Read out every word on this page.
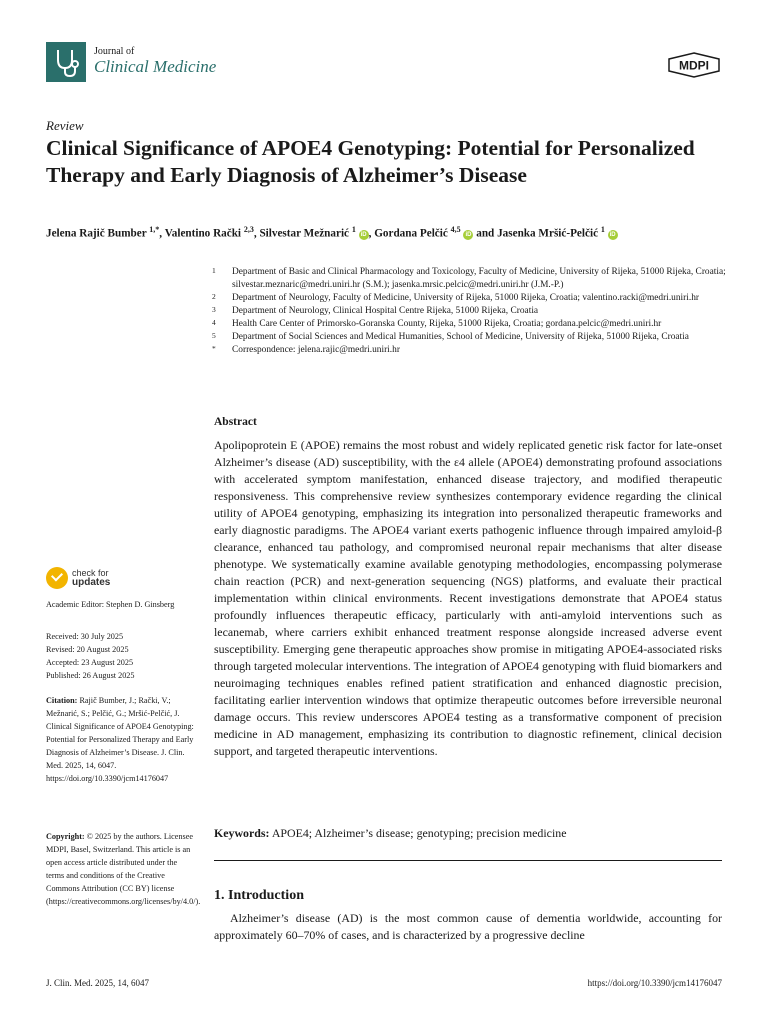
Journal of
Clinical Medicine	MDPI
Review
Clinical Significance of APOE4 Genotyping: Potential for Personalized Therapy and Early Diagnosis of Alzheimer’s Disease
Jelena Rajič Bumber $^{1,*}$, Valentino Rački $^{2,3}$, Silvestar Mežnarić $^1$ iD , Gordana Pelčić $^{4,5}$ iD and Jasenka Mršić-Pelčić $^1$ iD
1	Department of Basic and Clinical Pharmacology and Toxicology, Faculty of Medicine, University of Rijeka, 51000 Rijeka, Croatia; silvestar.meznaric@medri.uniri.hr (S.M.); jasenka.mrsic.pelcic@medri.uniri.hr (J.M.-P.)
2	Department of Neurology, Faculty of Medicine, University of Rijeka, 51000 Rijeka, Croatia; valentino.racki@medri.uniri.hr
3	Department of Neurology, Clinical Hospital Centre Rijeka, 51000 Rijeka, Croatia
4	Health Care Center of Primorsko-Goranska County, Rijeka, 51000 Rijeka, Croatia; gordana.pelcic@medri.uniri.hr
5	Department of Social Sciences and Medical Humanities, School of Medicine, University of Rijeka, 51000 Rijeka, Croatia
*	Correspondence: jelena.rajic@medri.uniri.hr
Abstract

Apolipoprotein E (APOE) remains the most robust and widely replicated genetic risk factor for late-onset Alzheimer’s disease (AD) susceptibility, with the ε4 allele (APOE4) demonstrating profound associations with accelerated symptom manifestation, enhanced disease trajectory, and modified therapeutic responsiveness. This comprehensive review synthesizes contemporary evidence regarding the clinical utility of APOE4 genotyping, emphasizing its integration into personalized therapeutic frameworks and early diagnostic paradigms. The APOE4 variant exerts pathogenic influence through impaired amyloid-β clearance, enhanced tau pathology, and compromised neuronal repair mechanisms that alter disease phenotype. We systematically examine available genotyping methodologies, encompassing polymerase chain reaction (PCR) and next-generation sequencing (NGS) platforms, and evaluate their practical implementation within clinical environments. Recent investigations demonstrate that APOE4 status profoundly influences therapeutic efficacy, particularly with anti-amyloid interventions such as lecanemab, where carriers exhibit enhanced treatment response alongside increased adverse event susceptibility. Emerging gene therapeutic approaches show promise in mitigating APOE4-associated risks through targeted molecular interventions. The integration of APOE4 genotyping with fluid biomarkers and neuroimaging techniques enables refined patient stratification and enhanced diagnostic precision, facilitating earlier intervention windows that optimize therapeutic outcomes before irreversible neuronal damage occurs. This review underscores APOE4 testing as a transformative component of precision medicine in AD management, emphasizing its contribution to diagnostic refinement, clinical decision support, and targeted therapeutic interventions.

Keywords: APOE4; Alzheimer’s disease; genotyping; precision medicine
1. Introduction

Alzheimer’s disease (AD) is the most common cause of dementia worldwide, accounting for approximately 60–70% of cases, and is characterized by a progressive decline

check for
updates
Academic Editor: Stephen D. Ginsberg

Received: 30 July 2025

Revised: 20 August 2025

Accepted: 23 August 2025

Published: 26 August 2025

Citation: Rajič Bumber, J.; Rački, V.; Mežnarić, S.; Pelčić, G.; Mršić-Pelčić, J. Clinical Significance of APOE4 Genotyping: Potential for Personalized Therapy and Early Diagnosis of Alzheimer’s Disease. J. Clin. Med. 2025, 14, 6047. https://doi.org/10.3390/jcm14176047
Copyright: © 2025 by the authors. Licensee MDPI, Basel, Switzerland. This article is an open access article distributed under the terms and conditions of the Creative Commons Attribution (CC BY) license (https://creativecommons.org/licenses/by/4.0/).
J. Clin. Med. 2025, 14, 6047	https://doi.org/10.3390/jcm14176047
